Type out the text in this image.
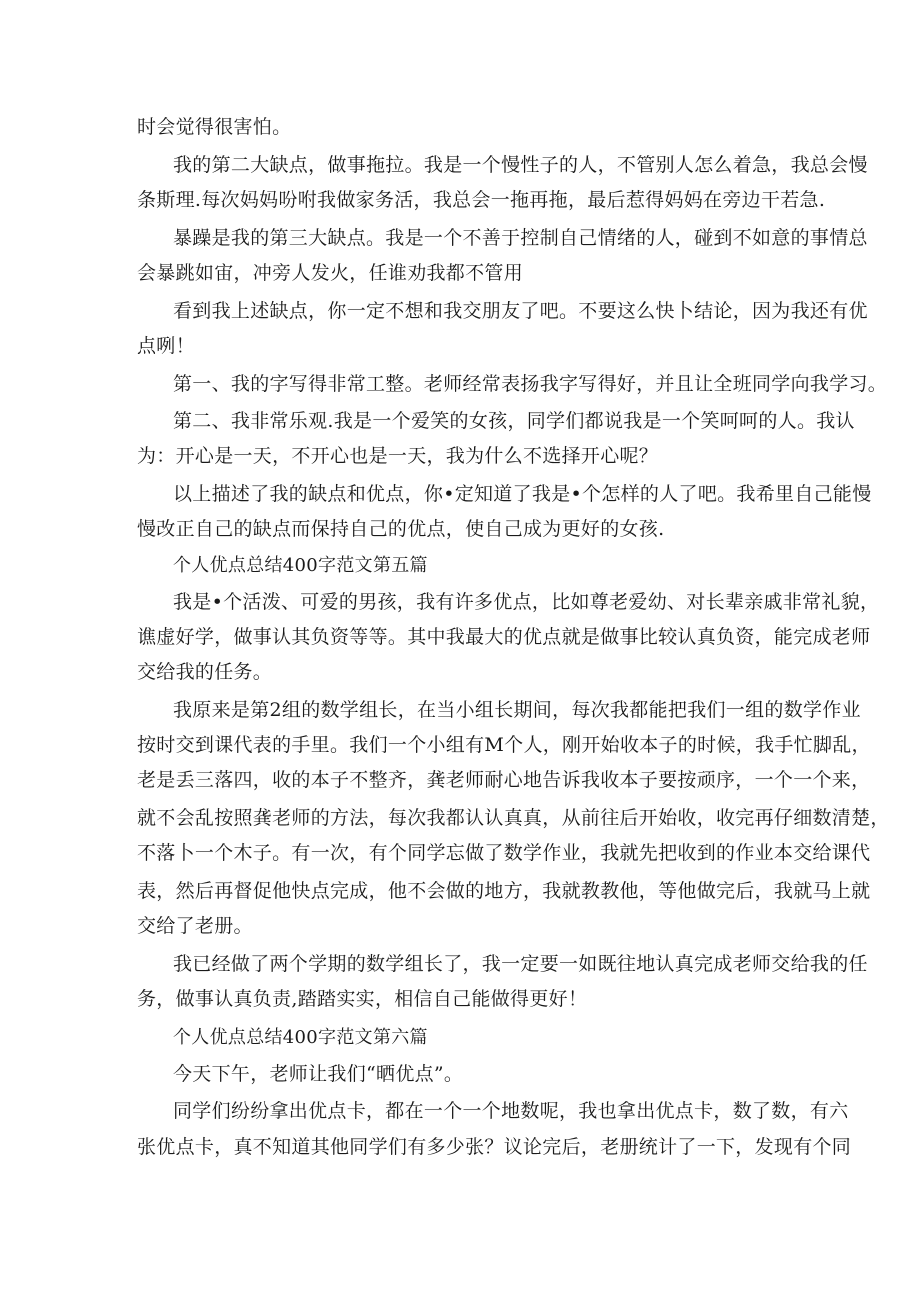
时会觉得很害怕。
我的第二大缺点，做事拖拉。我是一个慢性子的人，不管别人怎么着急，我总会慢
条斯理.每次妈妈吩咐我做家务活，我总会一拖再拖，最后惹得妈妈在旁边干若急.
暴躁是我的第三大缺点。我是一个不善于控制自己情绪的人，碰到不如意的事情总
会暴跳如宙，冲旁人发火，任谁劝我都不管用
看到我上述缺点，你一定不想和我交朋友了吧。不要这么快卜结论，因为我还有优
点咧！
第一、我的字写得非常工整。老师经常表扬我字写得好，并且让全班同学向我学习。
第二、我非常乐观.我是一个爱笑的女孩，同学们都说我是一个笑呵呵的人。我认
为：开心是一天，不开心也是一天，我为什么不选择开心呢？
以上描述了我的缺点和优点，你•定知道了我是•个怎样的人了吧。我希里自己能慢
慢改正自己的缺点而保持自己的优点，使自己成为更好的女孩.
个人优点总结400字范文第五篇
我是•个活泼、可爱的男孩，我有许多优点，比如尊老爱幼、对长辈亲戚非常礼貌，
谯虚好学，做事认其负资等等。其中我最大的优点就是做事比较认真负资，能完成老师
交给我的任务。
我原来是第2组的数学组长，在当小组长期间，每次我都能把我们一组的数学作业
按时交到课代表的手里。我们一个小组有M个人，刚开始收本子的时候，我手忙脚乱，
老是丢三落四，收的本子不整齐，龚老师耐心地告诉我收本子要按顽序，一个一个来，
就不会乱按照龚老师的方法，每次我都认认真真，从前往后开始收，收完再仔细数清楚，
不落卜一个木子。有一次，有个同学忘做了数学作业，我就先把收到的作业本交给课代
表，然后再督促他快点完成，他不会做的地方，我就教教他，等他做完后，我就马上就
交给了老册。
我已经做了两个学期的数学组长了，我一定要一如既往地认真完成老师交给我的任
务，做事认真负责,踏踏实实，相信自己能做得更好！
个人优点总结400字范文第六篇
今天下午，老师让我们“晒优点”。
同学们纷纷拿出优点卡，都在一个一个地数呢，我也拿出优点卡，数了数，有六
张优点卡，真不知道其他同学们有多少张？议论完后，老册统计了一下，发现有个同
